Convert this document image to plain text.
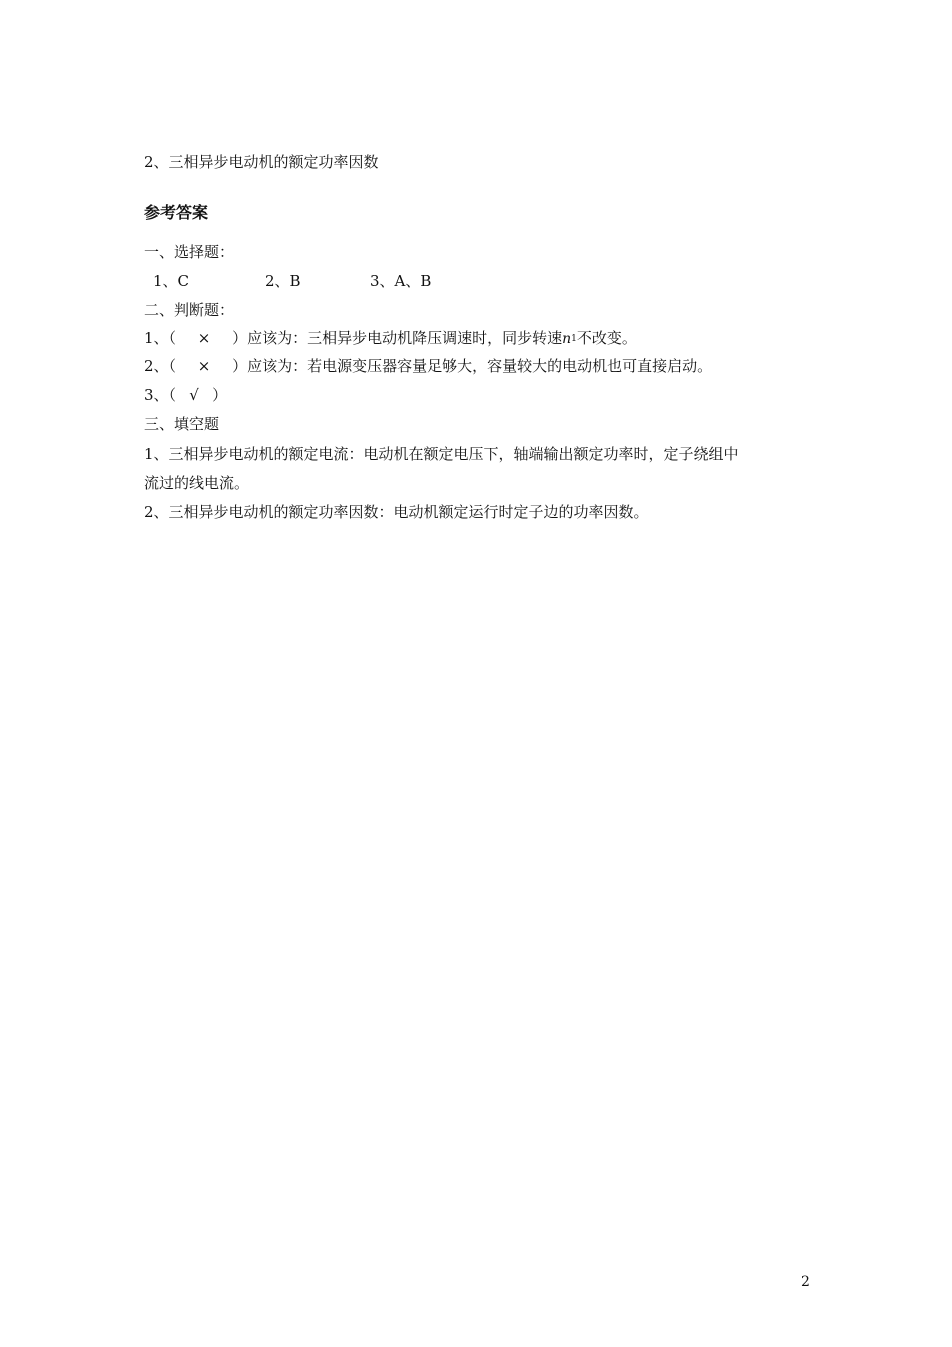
2、三相异步电动机的额定功率因数
参考答案
一、选择题：
1、C	2、B	3、A、B
二、判断题：
1、（ × ）应该为：三相异步电动机降压调速时，同步转速n1不改变。
2、（ × ）应该为：若电源变压器容量足够大，容量较大的电动机也可直接启动。
3、（ √ ）
三、填空题
1、三相异步电动机的额定电流：电动机在额定电压下，轴端输出额定功率时，定子绕组中
流过的线电流。
2、三相异步电动机的额定功率因数：电动机额定运行时定子边的功率因数。
2
